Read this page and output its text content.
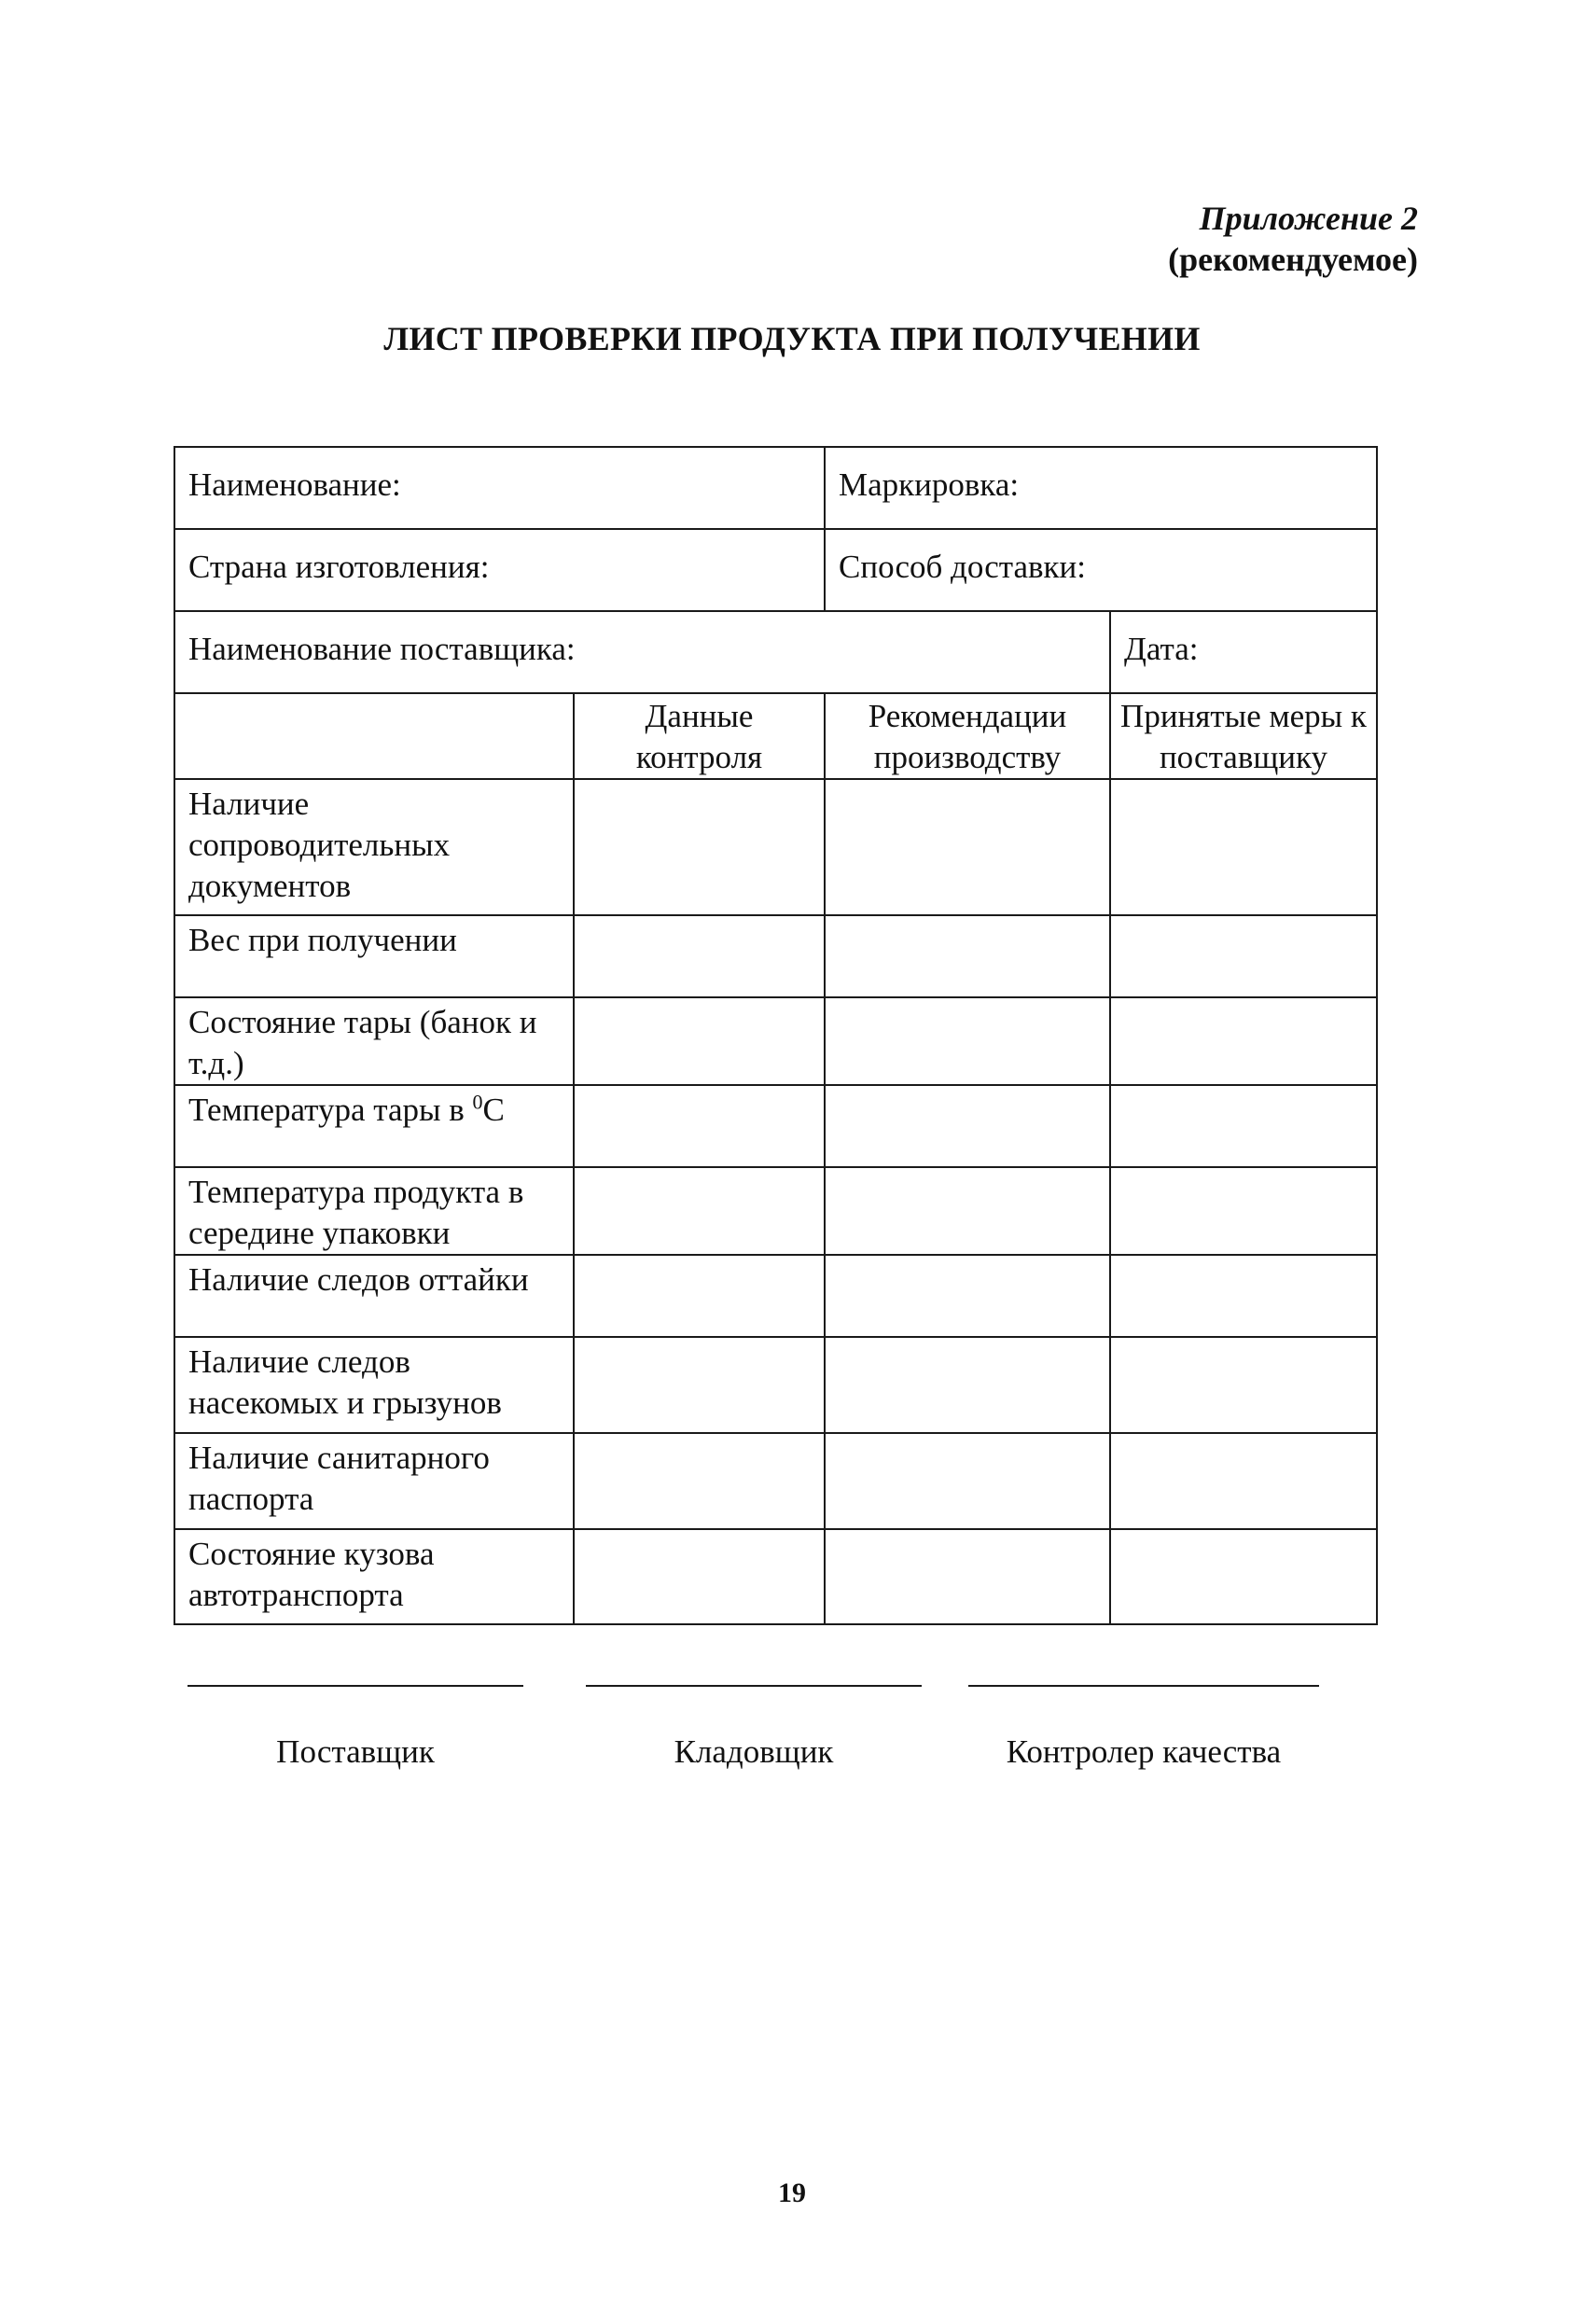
Приложение 2
(рекомендуемое)
ЛИСТ ПРОВЕРКИ ПРОДУКТА ПРИ ПОЛУЧЕНИИ
Наименование:		Маркировка:	
Страна изготовления:		Способ доставки:	
Наименование поставщика:			Дата:
	Данные контроля	Рекомендации производству	Принятые меры к поставщику
Наличие сопроводительных документов			
Вес при получении			
Состояние тары (банок и т.д.)			
Температура тары в $^0$C			
Температура продукта в середине упаковки			
Наличие следов оттайки			
Наличие следов насекомых и грызунов			
Наличие санитарного паспорта			
Состояние кузова автотранспорта			
Поставщик	Кладовщик	Контролер качества
19
